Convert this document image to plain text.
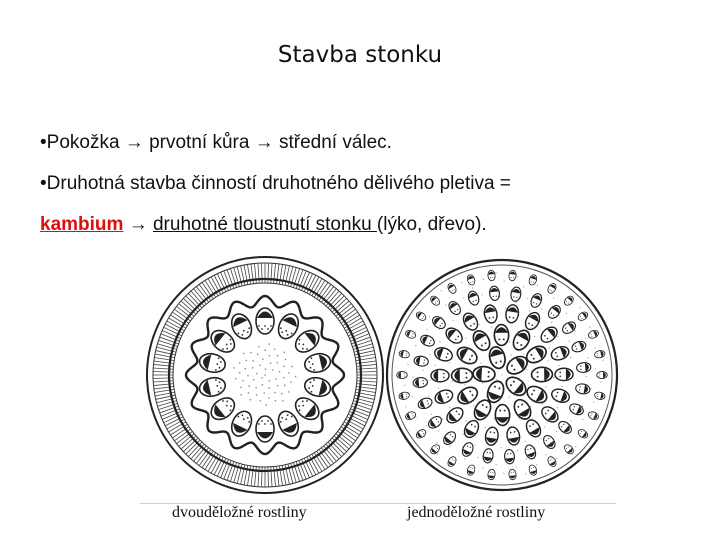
Stavba stonku
•Pokožka → prvotní kůra → střední válec.
•Druhotná stavba činností druhotného dělivého pletiva =
kambium → druhotné tloustnutí stonku (lýko, dřevo).
dvouděložné rostliny	jednoděložné rostliny
